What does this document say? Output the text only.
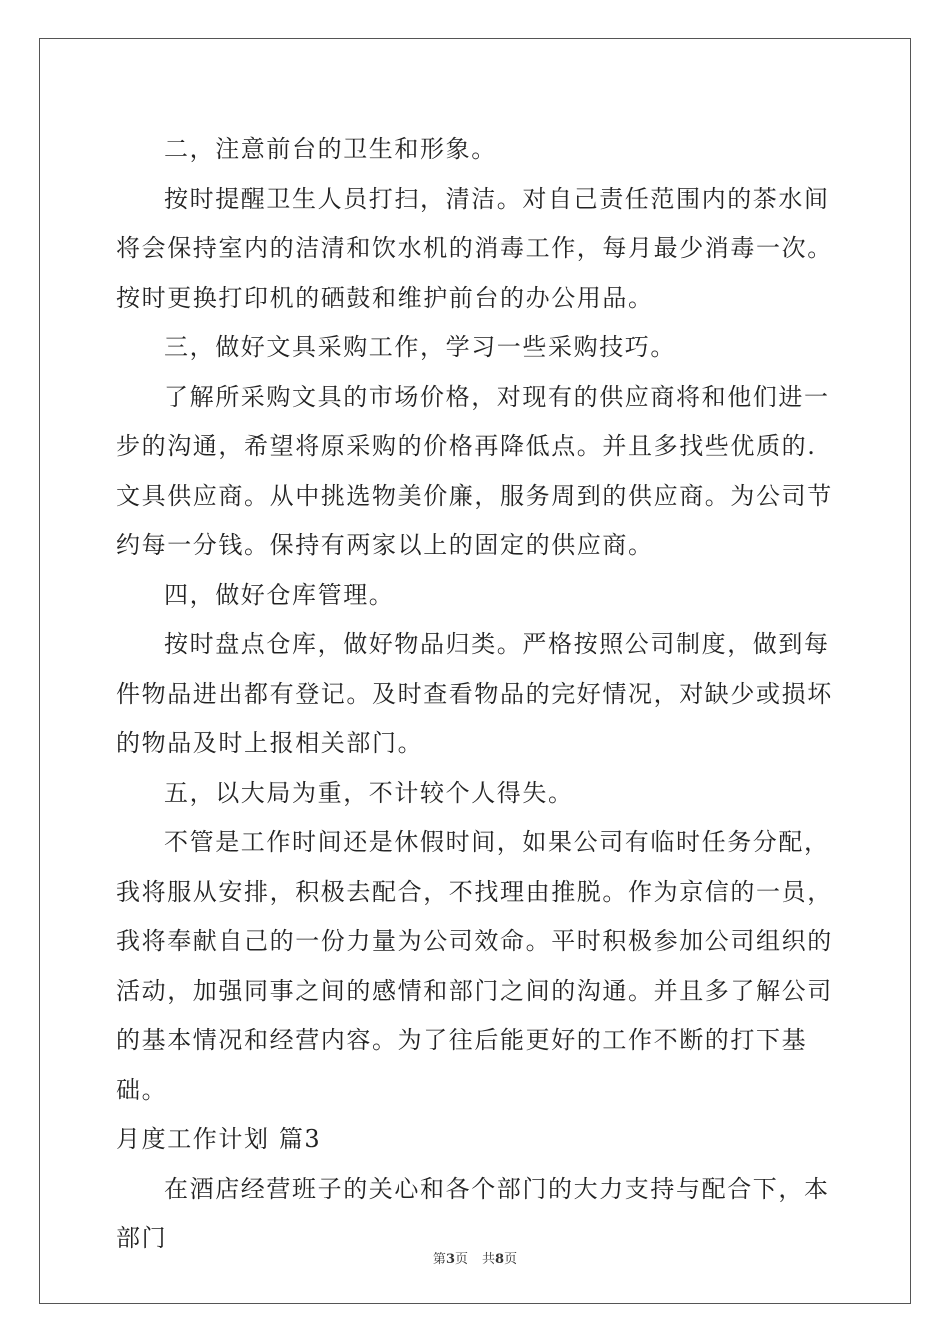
二，注意前台的卫生和形象。

按时提醒卫生人员打扫，清洁。对自己责任范围内的茶水间将会保持室内的洁清和饮水机的消毒工作，每月最少消毒一次。按时更换打印机的硒鼓和维护前台的办公用品。

三，做好文具采购工作，学习一些采购技巧。

了解所采购文具的市场价格，对现有的供应商将和他们进一步的沟通，希望将原采购的价格再降低点。并且多找些优质的.文具供应商。从中挑选物美价廉，服务周到的供应商。为公司节约每一分钱。保持有两家以上的固定的供应商。

四，做好仓库管理。

按时盘点仓库，做好物品归类。严格按照公司制度，做到每件物品进出都有登记。及时查看物品的完好情况，对缺少或损坏的物品及时上报相关部门。

五，以大局为重，不计较个人得失。

不管是工作时间还是休假时间，如果公司有临时任务分配，我将服从安排，积极去配合，不找理由推脱。作为京信的一员，我将奉献自己的一份力量为公司效命。平时积极参加公司组织的活动，加强同事之间的感情和部门之间的沟通。并且多了解公司的基本情况和经营内容。为了往后能更好的工作不断的打下基础。

月度工作计划 篇3

在酒店经营班子的关心和各个部门的大力支持与配合下，本部门

第3页 共8页
